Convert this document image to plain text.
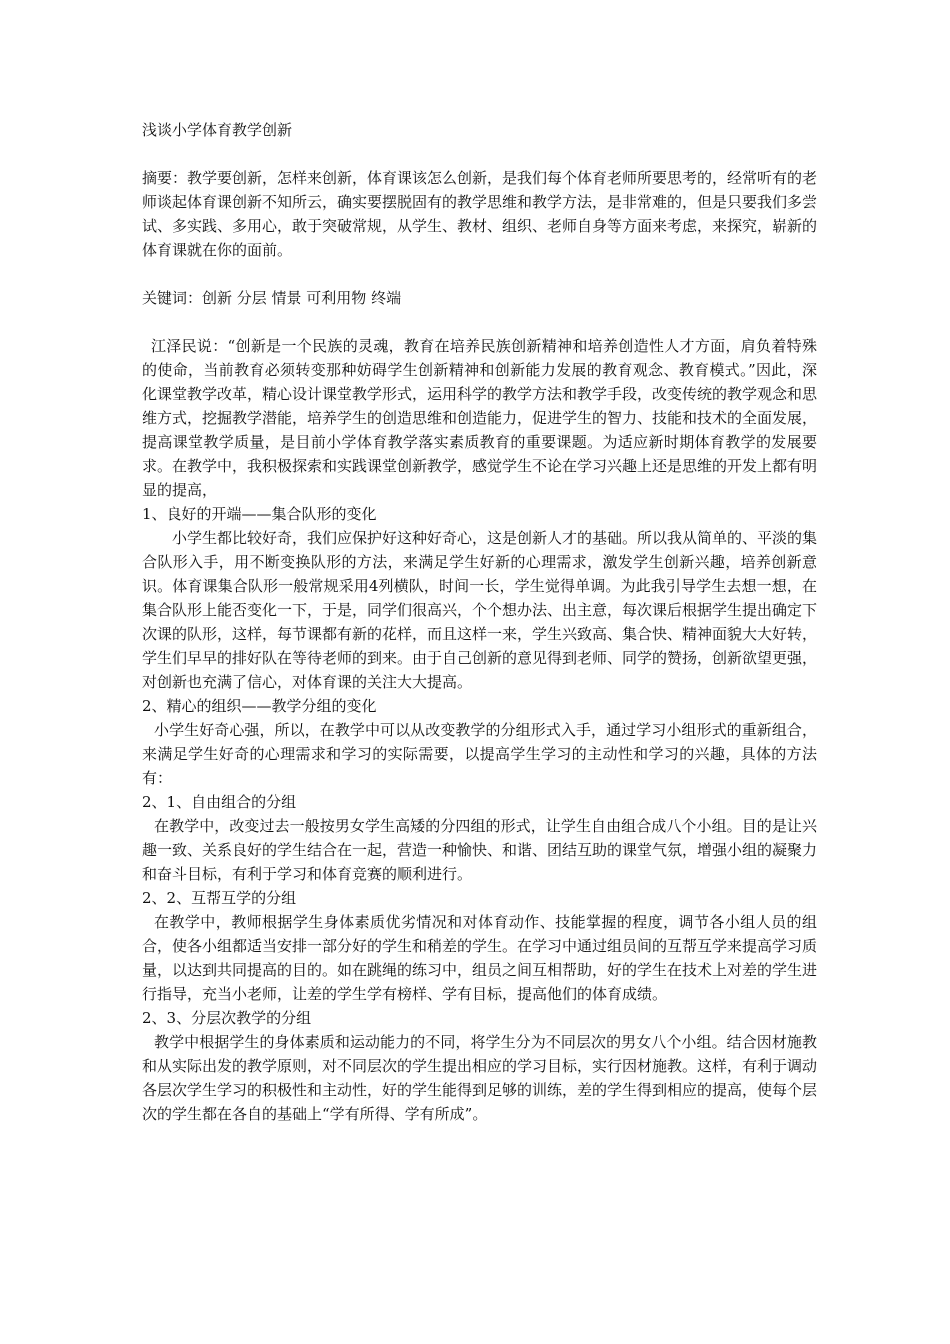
浅谈小学体育教学创新

摘要：教学要创新，怎样来创新，体育课该怎么创新，是我们每个体育老师所要思考的，经常听有的老师谈起体育课创新不知所云，确实要摆脱固有的教学思维和教学方法，是非常难的，但是只要我们多尝试、多实践、多用心，敢于突破常规，从学生、教材、组织、老师自身等方面来考虑，来探究，崭新的体育课就在你的面前。

关键词：创新 分层 情景 可利用物 终端

江泽民说：“创新是一个民族的灵魂，教育在培养民族创新精神和培养创造性人才方面，肩负着特殊的使命，当前教育必须转变那种妨碍学生创新精神和创新能力发展的教育观念、教育模式。”因此，深化课堂教学改革，精心设计课堂教学形式，运用科学的教学方法和教学手段，改变传统的教学观念和思维方式，挖掘教学潜能，培养学生的创造思维和创造能力，促进学生的智力、技能和技术的全面发展，提高课堂教学质量，是目前小学体育教学落实素质教育的重要课题。为适应新时期体育教学的发展要求。在教学中，我积极探索和实践课堂创新教学，感觉学生不论在学习兴趣上还是思维的开发上都有明显的提高，

1、良好的开端——集合队形的变化

小学生都比较好奇，我们应保护好这种好奇心，这是创新人才的基础。所以我从简单的、平淡的集合队形入手，用不断变换队形的方法，来满足学生好新的心理需求，激发学生创新兴趣，培养创新意识。体育课集合队形一般常规采用4列横队，时间一长，学生觉得单调。为此我引导学生去想一想，在集合队形上能否变化一下，于是，同学们很高兴，个个想办法、出主意，每次课后根据学生提出确定下次课的队形，这样，每节课都有新的花样，而且这样一来，学生兴致高、集合快、精神面貌大大好转，学生们早早的排好队在等待老师的到来。由于自己创新的意见得到老师、同学的赞扬，创新欲望更强，对创新也充满了信心，对体育课的关注大大提高。

2、精心的组织——教学分组的变化

小学生好奇心强，所以，在教学中可以从改变教学的分组形式入手，通过学习小组形式的重新组合，来满足学生好奇的心理需求和学习的实际需要，以提高学生学习的主动性和学习的兴趣，具体的方法有：

2、1、自由组合的分组

在教学中，改变过去一般按男女学生高矮的分四组的形式，让学生自由组合成八个小组。目的是让兴趣一致、关系良好的学生结合在一起，营造一种愉快、和谐、团结互助的课堂气氛，增强小组的凝聚力和奋斗目标，有利于学习和体育竞赛的顺利进行。

2、2、互帮互学的分组

在教学中，教师根据学生身体素质优劣情况和对体育动作、技能掌握的程度，调节各小组人员的组合，使各小组都适当安排一部分好的学生和稍差的学生。在学习中通过组员间的互帮互学来提高学习质量，以达到共同提高的目的。如在跳绳的练习中，组员之间互相帮助，好的学生在技术上对差的学生进行指导，充当小老师，让差的学生学有榜样、学有目标，提高他们的体育成绩。

2、3、分层次教学的分组

教学中根据学生的身体素质和运动能力的不同，将学生分为不同层次的男女八个小组。结合因材施教和从实际出发的教学原则，对不同层次的学生提出相应的学习目标，实行因材施教。这样，有利于调动各层次学生学习的积极性和主动性，好的学生能得到足够的训练，差的学生得到相应的提高，使每个层次的学生都在各自的基础上“学有所得、学有所成”。
